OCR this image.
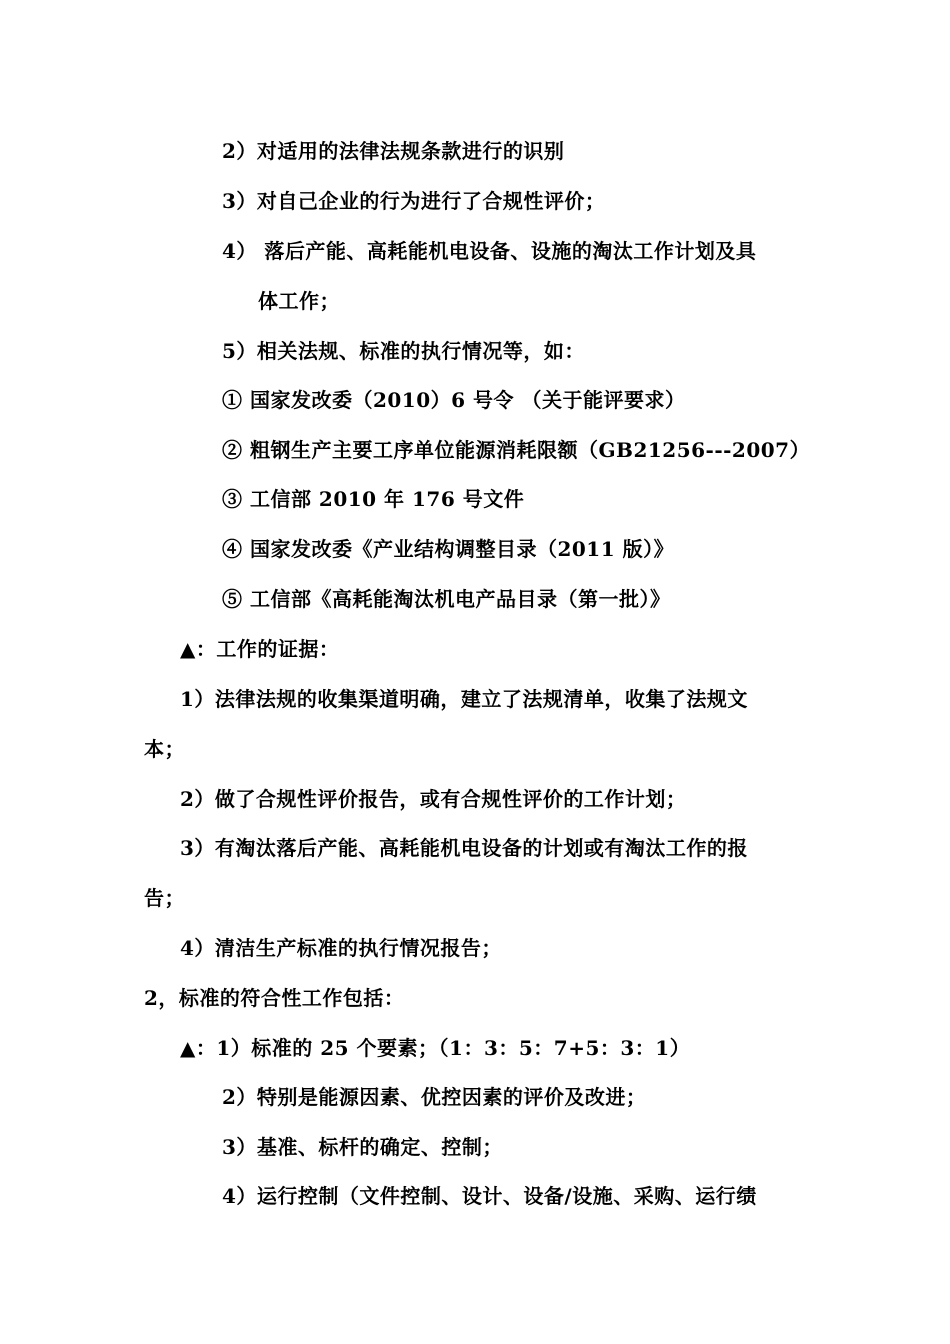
2）对适用的法律法规条款进行的识别
3）对自己企业的行为进行了合规性评价；
4） 落后产能、高耗能机电设备、设施的淘汰工作计划及具
体工作；
5）相关法规、标准的执行情况等，如：
① 国家发改委（2010）6 号令 （关于能评要求）
② 粗钢生产主要工序单位能源消耗限额（GB21256---2007）
③ 工信部 2010 年 176 号文件
④ 国家发改委《产业结构调整目录（2011 版）》
⑤ 工信部《高耗能淘汰机电产品目录（第一批）》
▲：工作的证据：
1）法律法规的收集渠道明确，建立了法规清单，收集了法规文
本；
2）做了合规性评价报告，或有合规性评价的工作计划；
3）有淘汰落后产能、高耗能机电设备的计划或有淘汰工作的报
告；
4）清洁生产标准的执行情况报告；
2，标准的符合性工作包括：
▲：1）标准的 25 个要素；（1：3：5：7+5：3：1）
2）特别是能源因素、优控因素的评价及改进；
3）基准、标杆的确定、控制；
4）运行控制（文件控制、设计、设备/设施、采购、运行绩
